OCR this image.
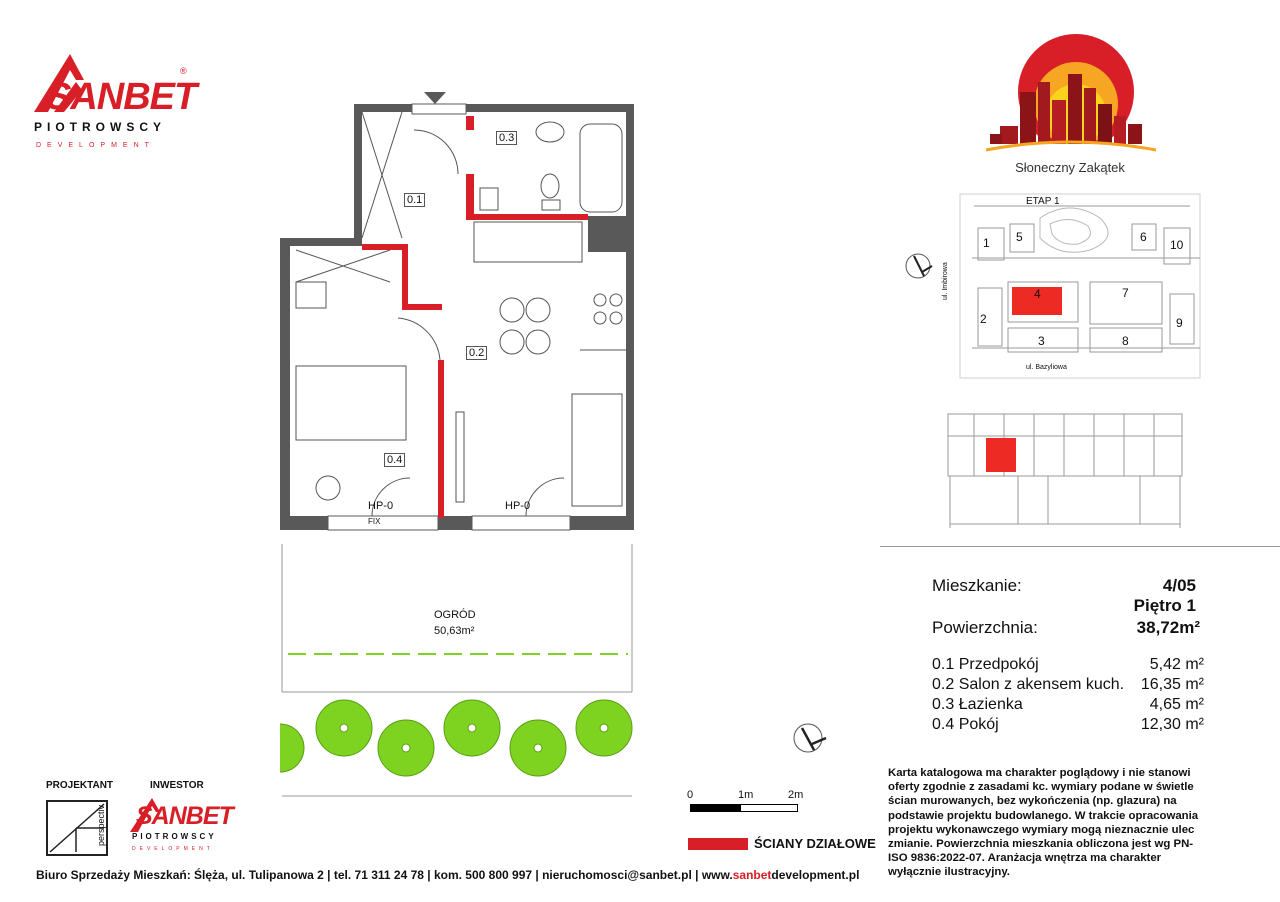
SANBET
®
PIOTROWSCY
DEVELOPMENT
Słoneczny Zakątek
ETAP 1
1
2
3
4
5	6
7
8
9
10
ul. Imbirowa
ul. Bazyliowa
Mieszkanie:	4/05
Piętro 1
Powierzchnia:	38,72m²
0.1 Przedpokój	5,42 m²
0.2 Salon z akensem kuch.	16,35 m²
0.3 Łazienka	4,65 m²
0.4 Pokój	12,30 m²
Karta katalogowa ma charakter poglądowy i nie stanowi oferty zgodnie z zasadami kc. wymiary podane w świetle ścian murowanych, bez wykończenia (np. glazura) na podstawie projektu budowlanego. W trakcie opracowania projektu wykonawczego wymiary mogą nieznacznie ulec zmianie. Powierzchnia mieszkania obliczona jest wg PN-ISO 9836:2022-07. Aranżacja wnętrza ma charakter wyłącznie ilustracyjny.
0.1
0.2
0.3
0.4
HP-0	HP-0
FIX
OGRÓD
50,63m²
0	1m	2m
ŚCIANY DZIAŁOWE
PROJEKTANT
perspectiv
INWESTOR
SANBET
PIOTROWSCY
DEVELOPMENT
Biuro Sprzedaży Mieszkań: Ślęża, ul. Tulipanowa 2 | tel. 71 311 24 78 | kom. 500 800 997 | nieruchomosci@sanbet.pl | www.sanbetdevelopment.pl
